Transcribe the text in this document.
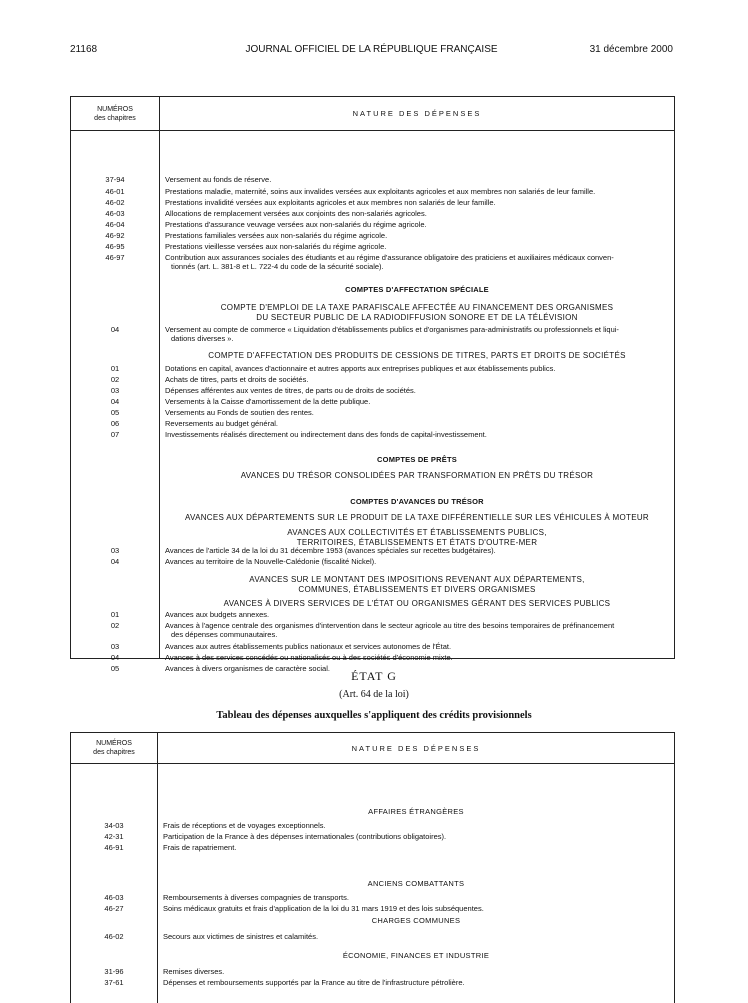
21168	JOURNAL OFFICIEL DE LA RÉPUBLIQUE FRANÇAISE	31 décembre 2000
NUMÉROS
des chapitres	NATURE DES DÉPENSES
37-94	Versement au fonds de réserve.
46-01	Prestations maladie, maternité, soins aux invalides versées aux exploitants agricoles et aux membres non salariés de leur famille.
46-02	Prestations invalidité versées aux exploitants agricoles et aux membres non salariés de leur famille.
46-03	Allocations de remplacement versées aux conjoints des non-salariés agricoles.
46-04	Prestations d'assurance veuvage versées aux non-salariés du régime agricole.
46-92	Prestations familiales versées aux non-salariés du régime agricole.
46-95	Prestations vieillesse versées aux non-salariés du régime agricole.
46-97	Contribution aux assurances sociales des étudiants et au régime d'assurance obligatoire des praticiens et auxiliaires médicaux conven-
tionnés (art. L. 381-8 et L. 722-4 du code de la sécurité sociale).
COMPTES D'AFFECTATION SPÉCIALE
COMPTE D'EMPLOI DE LA TAXE PARAFISCALE AFFECTÉE AU FINANCEMENT DES ORGANISMES
DU SECTEUR PUBLIC DE LA RADIODIFFUSION SONORE ET DE LA TÉLÉVISION
04	Versement au compte de commerce « Liquidation d'établissements publics et d'organismes para-administratifs ou professionnels et liqui-
dations diverses ».
COMPTE D'AFFECTATION DES PRODUITS DE CESSIONS DE TITRES, PARTS ET DROITS DE SOCIÉTÉS
01	Dotations en capital, avances d'actionnaire et autres apports aux entreprises publiques et aux établissements publics.
02	Achats de titres, parts et droits de sociétés.
03	Dépenses afférentes aux ventes de titres, de parts ou de droits de sociétés.
04	Versements à la Caisse d'amortissement de la dette publique.
05	Versements au Fonds de soutien des rentes.
06	Reversements au budget général.
07	Investissements réalisés directement ou indirectement dans des fonds de capital-investissement.
COMPTES DE PRÊTS
AVANCES DU TRÉSOR CONSOLIDÉES PAR TRANSFORMATION EN PRÊTS DU TRÉSOR
COMPTES D'AVANCES DU TRÉSOR
AVANCES AUX DÉPARTEMENTS SUR LE PRODUIT DE LA TAXE DIFFÉRENTIELLE SUR LES VÉHICULES À MOTEUR
AVANCES AUX COLLECTIVITÉS ET ÉTABLISSEMENTS PUBLICS,
TERRITOIRES, ÉTABLISSEMENTS ET ÉTATS D'OUTRE-MER
03	Avances de l'article 34 de la loi du 31 décembre 1953 (avances spéciales sur recettes budgétaires).
04	Avances au territoire de la Nouvelle-Calédonie (fiscalité Nickel).
AVANCES SUR LE MONTANT DES IMPOSITIONS REVENANT AUX DÉPARTEMENTS,
COMMUNES, ÉTABLISSEMENTS ET DIVERS ORGANISMES
AVANCES À DIVERS SERVICES DE L'ÉTAT OU ORGANISMES GÉRANT DES SERVICES PUBLICS
01	Avances aux budgets annexes.
02	Avances à l'agence centrale des organismes d'intervention dans le secteur agricole au titre des besoins temporaires de préfinancement
des dépenses communautaires.
03	Avances aux autres établissements publics nationaux et services autonomes de l'État.
04	Avances à des services concédés ou nationalisés ou à des sociétés d'économie mixte.
05	Avances à divers organismes de caractère social.
ÉTAT G
(Art. 64 de la loi)
Tableau des dépenses auxquelles s'appliquent des crédits provisionnels
NUMÉROS
des chapitres	NATURE DES DÉPENSES
AFFAIRES ÉTRANGÈRES
34-03	Frais de réceptions et de voyages exceptionnels.
42-31	Participation de la France à des dépenses internationales (contributions obligatoires).
46-91	Frais de rapatriement.
ANCIENS COMBATTANTS
46-03	Remboursements à diverses compagnies de transports.
46-27	Soins médicaux gratuits et frais d'application de la loi du 31 mars 1919 et des lois subséquentes.
CHARGES COMMUNES
46-02	Secours aux victimes de sinistres et calamités.
ÉCONOMIE, FINANCES ET INDUSTRIE
31-96	Remises diverses.
37-61	Dépenses et remboursements supportés par la France au titre de l'infrastructure pétrolière.
